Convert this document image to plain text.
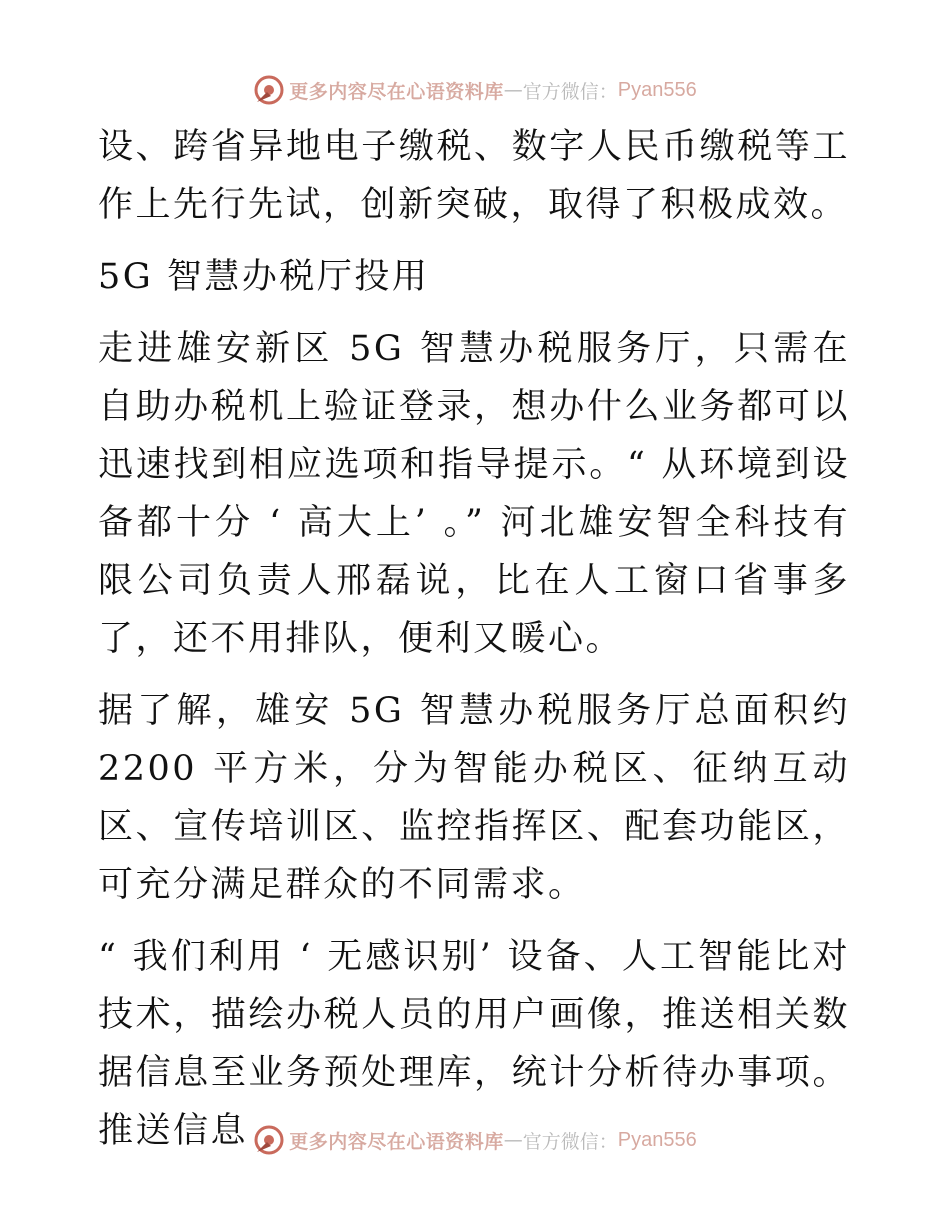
更多内容尽在心语资料库 — 官方微信： Pyan556

设、跨省异地电子缴税、数字人民币缴税等工作上先行先试，创新突破，取得了积极成效。

5G 智慧办税厅投用

走进雄安新区 5G 智慧办税服务厅，只需在自助办税机上验证登录，想办什么业务都可以迅速找到相应选项和指导提示。“ 从环境到设备都十分 ‘ 高大上’ 。” 河北雄安智全科技有限公司负责人邢磊说，比在人工窗口省事多了，还不用排队，便利又暖心。

据了解，雄安 5G 智慧办税服务厅总面积约 2200 平方米，分为智能办税区、征纳互动区、宣传培训区、监控指挥区、配套功能区，可充分满足群众的不同需求。

“ 我们利用 ‘ 无感识别’ 设备、人工智能比对技术，描绘办税人员的用户画像，推送相关数据信息至业务预处理库，统计分析待办事项。推送信息	更多内容尽在心语资料库 — 官方微信： Pyan556
